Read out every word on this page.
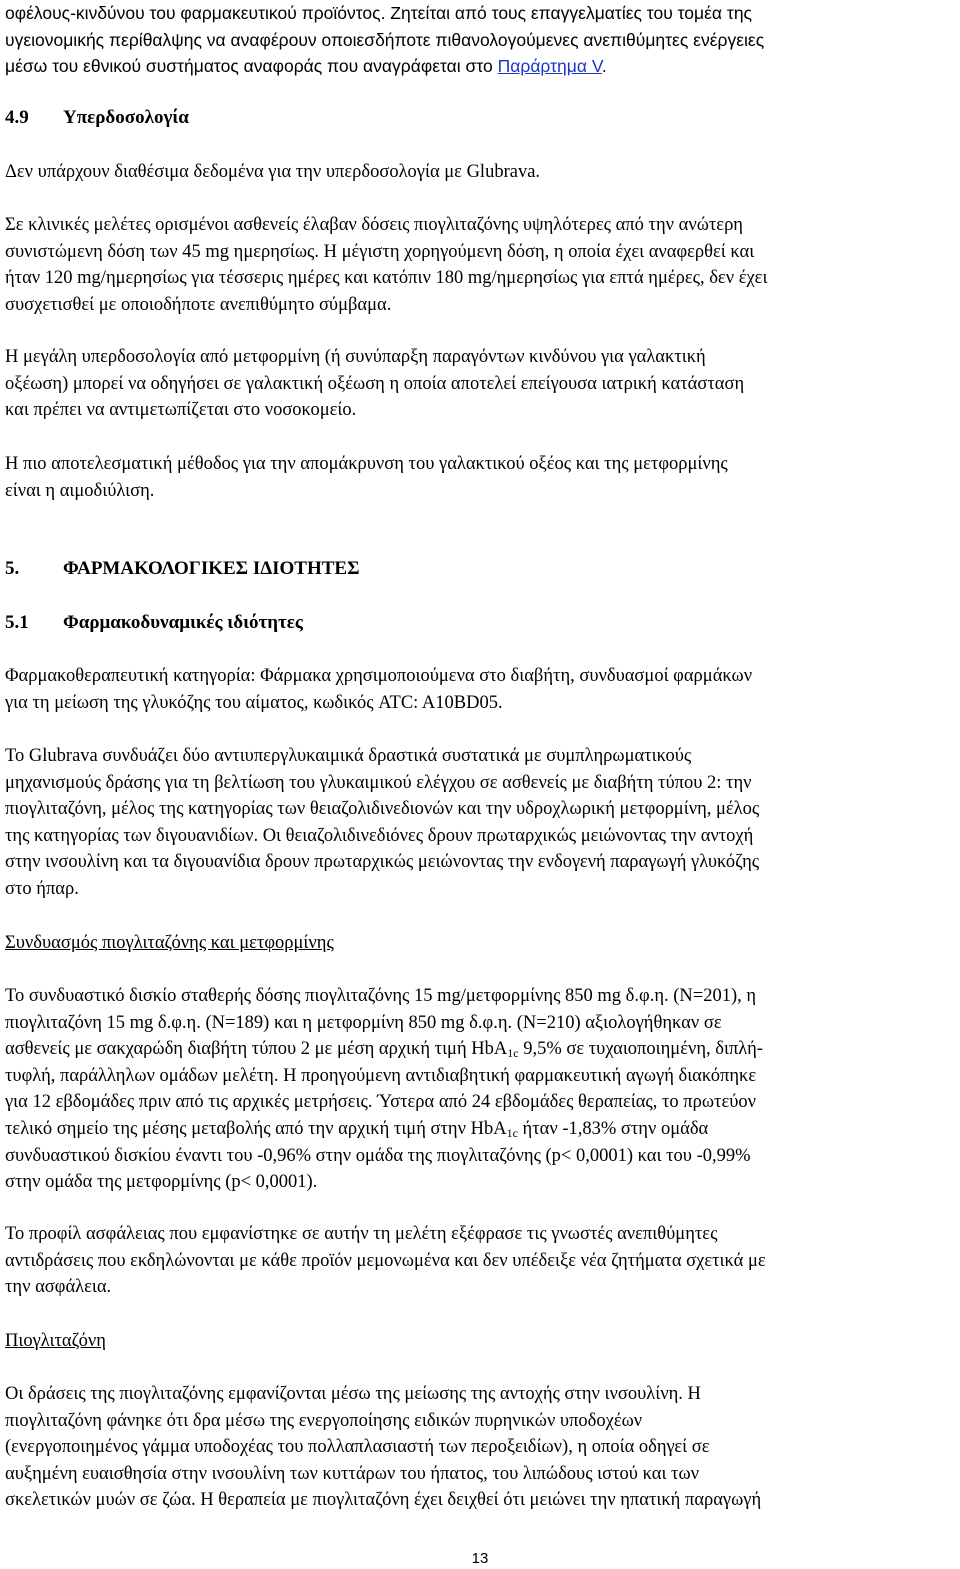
οφέλους-κινδύνου του φαρμακευτικού προϊόντος. Ζητείται από τους επαγγελματίες του τομέα της
υγειονομικής περίθαλψης να αναφέρουν οποιεσδήποτε πιθανολογούμενες ανεπιθύμητες ενέργειες
μέσω του εθνικού συστήματος αναφοράς που αναγράφεται στο Παράρτημα V.
4.9 Υπερδοσολογία
Δεν υπάρχουν διαθέσιμα δεδομένα για την υπερδοσολογία με Glubrava.
Σε κλινικές μελέτες ορισμένοι ασθενείς έλαβαν δόσεις πιογλιταζόνης υψηλότερες από την ανώτερη
συνιστώμενη δόση των 45 mg ημερησίως. Η μέγιστη χορηγούμενη δόση, η οποία έχει αναφερθεί και
ήταν 120 mg/ημερησίως για τέσσερις ημέρες και κατόπιν 180 mg/ημερησίως για επτά ημέρες, δεν έχει
συσχετισθεί με οποιοδήποτε ανεπιθύμητο σύμβαμα.
Η μεγάλη υπερδοσολογία από μετφορμίνη (ή συνύπαρξη παραγόντων κινδύνου για γαλακτική
οξέωση) μπορεί να οδηγήσει σε γαλακτική οξέωση η οποία αποτελεί επείγουσα ιατρική κατάσταση
και πρέπει να αντιμετωπίζεται στο νοσοκομείο.
Η πιο αποτελεσματική μέθοδος για την απομάκρυνση του γαλακτικού οξέος και της μετφορμίνης
είναι η αιμοδιύλιση.
5. ΦΑΡΜΑΚΟΛΟΓΙΚΕΣ ΙΔΙΟΤΗΤΕΣ
5.1 Φαρμακοδυναμικές ιδιότητες
Φαρμακοθεραπευτική κατηγορία: Φάρμακα χρησιμοποιούμενα στο διαβήτη, συνδυασμοί φαρμάκων
για τη μείωση της γλυκόζης του αίματος, κωδικός ATC: A10BD05.
Το Glubrava συνδυάζει δύο αντιυπεργλυκαιμικά δραστικά συστατικά με συμπληρωματικούς
μηχανισμούς δράσης για τη βελτίωση του γλυκαιμικού ελέγχου σε ασθενείς με διαβήτη τύπου 2: την
πιογλιταζόνη, μέλος της κατηγορίας των θειαζολιδινεδιονών και την υδροχλωρική μετφορμίνη, μέλος
της κατηγορίας των διγουανιδίων. Οι θειαζολιδινεδιόνες δρουν πρωταρχικώς μειώνοντας την αντοχή
στην ινσουλίνη και τα διγουανίδια δρουν πρωταρχικώς μειώνοντας την ενδογενή παραγωγή γλυκόζης
στο ήπαρ.
Συνδυασμός πιογλιταζόνης και μετφορμίνης
Το συνδυαστικό δισκίο σταθερής δόσης πιογλιταζόνης 15 mg/μετφορμίνης 850 mg δ.φ.η. (N=201), η
πιογλιταζόνη 15 mg δ.φ.η. (N=189) και η μετφορμίνη 850 mg δ.φ.η. (N=210) αξιολογήθηκαν σε
ασθενείς με σακχαρώδη διαβήτη τύπου 2 με μέση αρχική τιμή HbA$_{1c}$ 9,5% σε τυχαιοποιημένη, διπλή-
τυφλή, παράλληλων ομάδων μελέτη. Η προηγούμενη αντιδιαβητική φαρμακευτική αγωγή διακόπηκε
για 12 εβδομάδες πριν από τις αρχικές μετρήσεις. Ύστερα από 24 εβδομάδες θεραπείας, το πρωτεύον
τελικό σημείο της μέσης μεταβολής από την αρχική τιμή στην HbA$_{1c}$ ήταν -1,83% στην ομάδα
συνδυαστικού δισκίου έναντι του -0,96% στην ομάδα της πιογλιταζόνης (p< 0,0001) και του -0,99%
στην ομάδα της μετφορμίνης (p< 0,0001).
Το προφίλ ασφάλειας που εμφανίστηκε σε αυτήν τη μελέτη εξέφρασε τις γνωστές ανεπιθύμητες
αντιδράσεις που εκδηλώνονται με κάθε προϊόν μεμονωμένα και δεν υπέδειξε νέα ζητήματα σχετικά με
την ασφάλεια.
Πιογλιταζόνη
Οι δράσεις της πιογλιταζόνης εμφανίζονται μέσω της μείωσης της αντοχής στην ινσουλίνη. Η
πιογλιταζόνη φάνηκε ότι δρα μέσω της ενεργοποίησης ειδικών πυρηνικών υποδοχέων
(ενεργοποιημένος γάμμα υποδοχέας του πολλαπλασιαστή των περοξειδίων), η οποία οδηγεί σε
αυξημένη ευαισθησία στην ινσουλίνη των κυττάρων του ήπατος, του λιπώδους ιστού και των
σκελετικών μυών σε ζώα. Η θεραπεία με πιογλιταζόνη έχει δειχθεί ότι μειώνει την ηπατική παραγωγή
13
